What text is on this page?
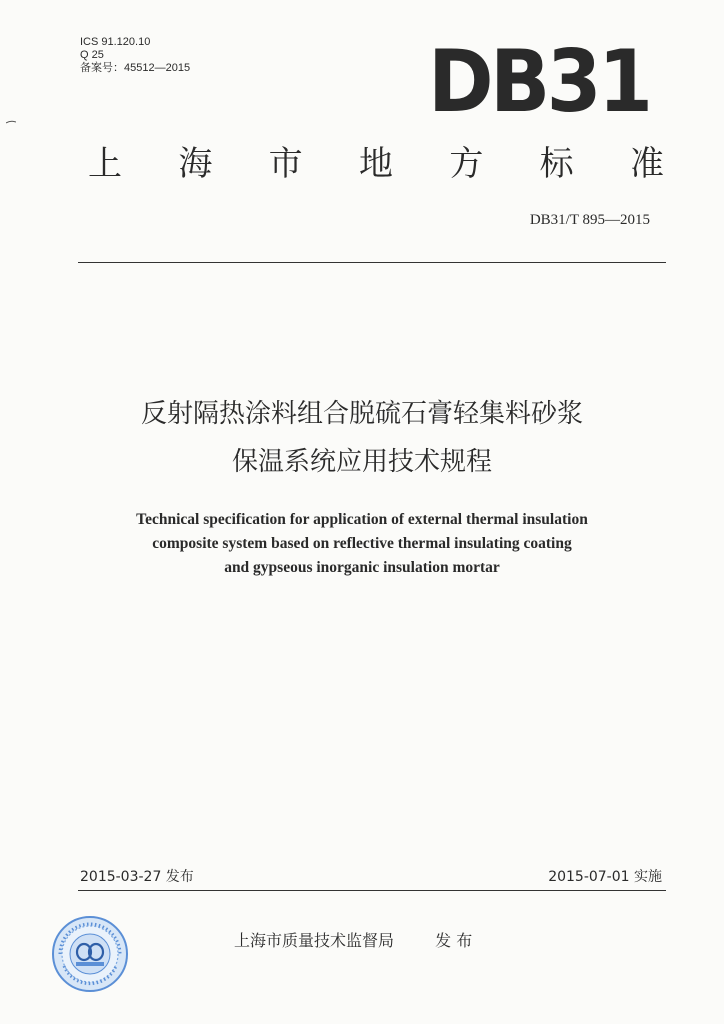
ICS 91.120.10
Q 25
备案号：45512—2015	DB31
上 海 市 地 方 标 准
DB31/T 895—2015
反射隔热涂料组合脱硫石膏轻集料砂浆
保温系统应用技术规程
Technical specification for application of external thermal insulation
composite system based on reflective thermal insulating coating
and gypseous inorganic insulation mortar
2015-03-27 发布	2015-07-01 实施
上海市质量技术监督局	发 布
